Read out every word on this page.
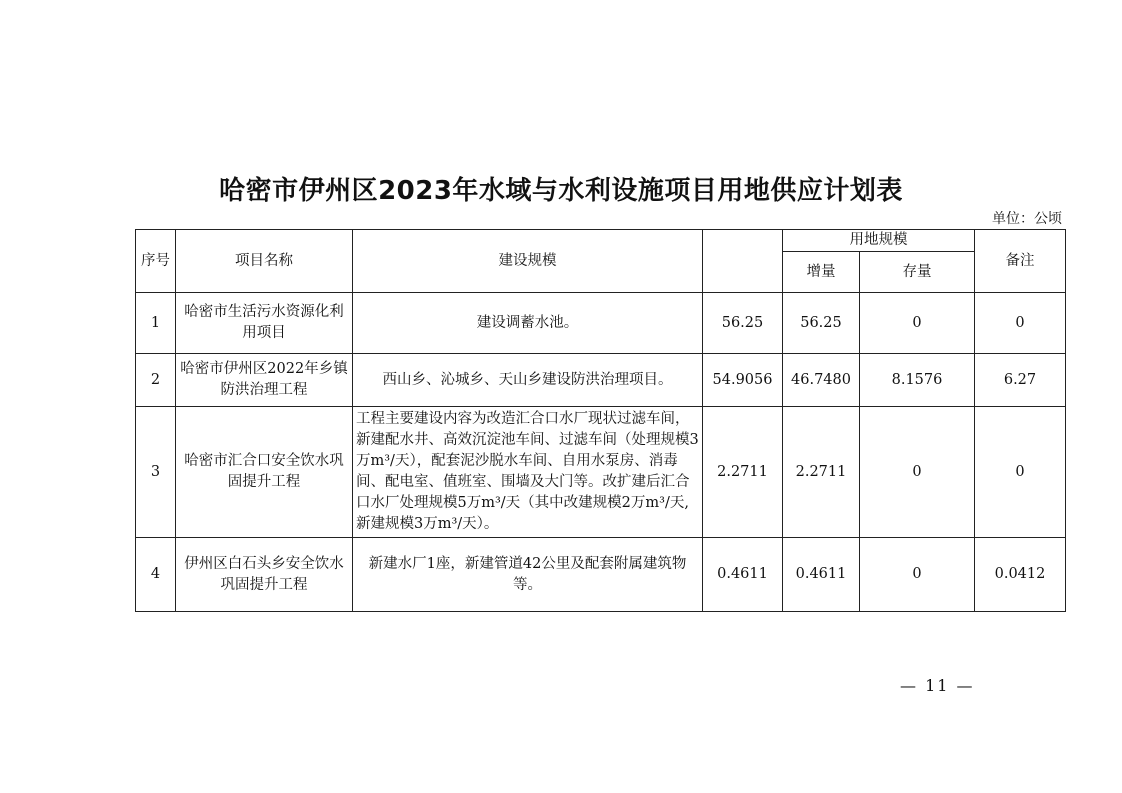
哈密市伊州区2023年水域与水利设施项目用地供应计划表
单位：公顷
序号	项目名称	建设规模		用地规模		备注
				增量	存量	
1	哈密市生活污水资源化利用项目	建设调蓄水池。	56.25	56.25	0	0
2	哈密市伊州区2022年乡镇防洪治理工程	西山乡、沁城乡、天山乡建设防洪治理项目。	54.9056	46.7480	8.1576	6.27
3	哈密市汇合口安全饮水巩固提升工程	工程主要建设内容为改造汇合口水厂现状过滤车间，新建配水井、高效沉淀池车间、过滤车间（处理规模3万m³/天），配套泥沙脱水车间、自用水泵房、消毒间、配电室、值班室、围墙及大门等。改扩建后汇合口水厂处理规模5万m³/天（其中改建规模2万m³/天,新建规模3万m³/天）。	2.2711	2.2711	0	0
4	伊州区白石头乡安全饮水巩固提升工程	新建水厂1座，新建管道42公里及配套附属建筑物等。	0.4611	0.4611	0	0.0412
— 11 —
